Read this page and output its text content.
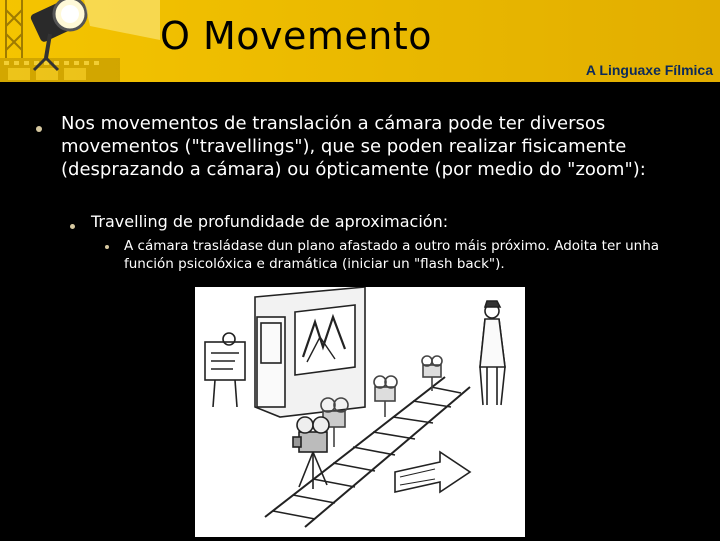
O Movemento
A Linguaxe Fílmica
Nos movementos de translación a cámara pode ter diversos movementos ("travellings"), que se poden realizar fisicamente (desprazando a cámara) ou ópticamente (por medio do "zoom"):
Travelling de profundidade de aproximación:
A cámara trasládase dun plano afastado a outro máis próximo. Adoita ter unha función psicolóxica e dramática (iniciar un "flash back").
